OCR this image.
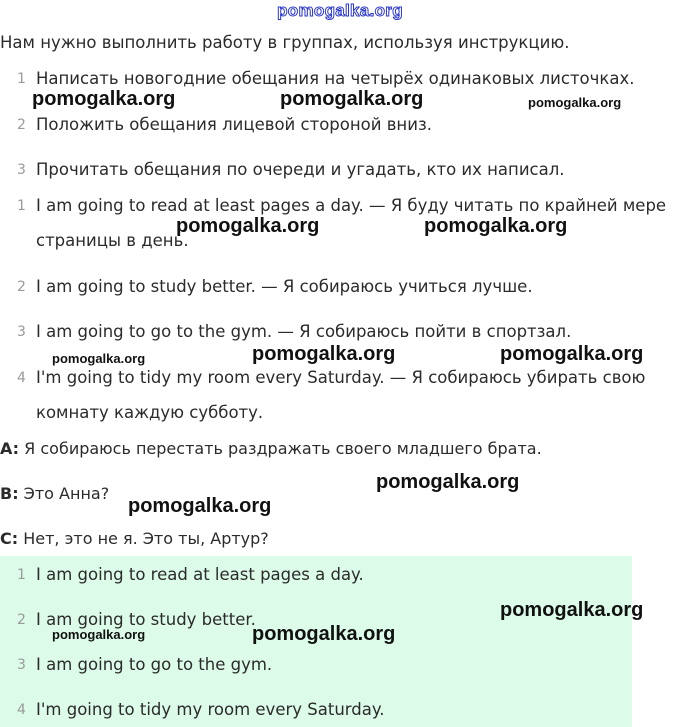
pomogalka.org
Нам нужно выполнить работу в группах, используя инструкцию.
1 Написать новогодние обещания на четырёх одинаковых листочках.
2 Положить обещания лицевой стороной вниз.
3 Прочитать обещания по очереди и угадать, кто их написал.
1 I am going to read at least pages a day. — Я буду читать по крайней мере
страницы в день.
2 I am going to study better. — Я собираюсь учиться лучше.
3 I am going to go to the gym. — Я собираюсь пойти в спортзал.
4 I'm going to tidy my room every Saturday. — Я собираюсь убирать свою
комнату каждую субботу.
A: Я собираюсь перестать раздражать своего младшего брата.
B: Это Анна?
C: Нет, это не я. Это ты, Артур?
1 I am going to read at least pages a day.
2 I am going to study better.
3 I am going to go to the gym.
4 I'm going to tidy my room every Saturday.
pomogalka.org	pomogalka.org	pomogalka.org
pomogalka.org	pomogalka.org
pomogalka.org	pomogalka.org	pomogalka.org
pomogalka.org
pomogalka.org
pomogalka.org
pomogalka.org	pomogalka.org
